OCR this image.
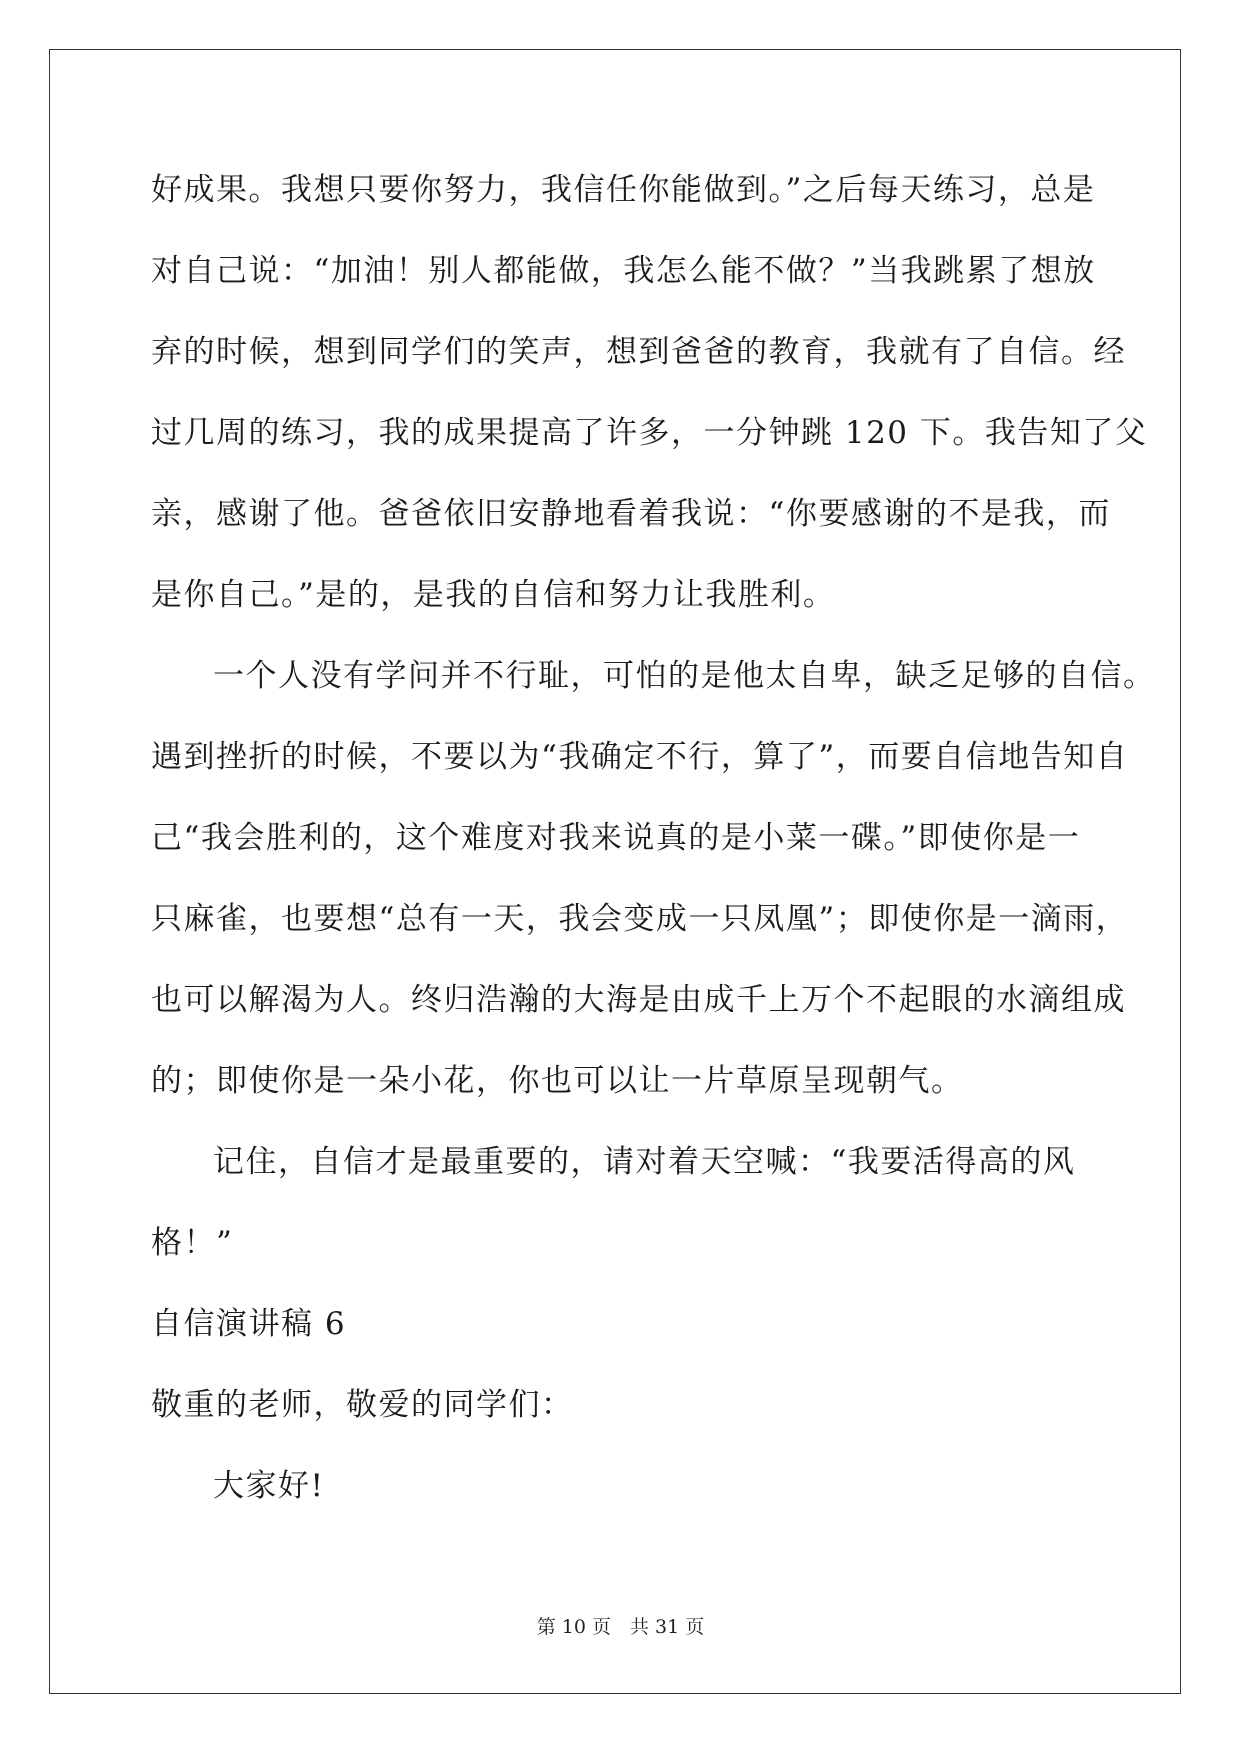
好成果。我想只要你努力，我信任你能做到。”之后每天练习，总是
对自己说：“加油！别人都能做，我怎么能不做？”当我跳累了想放
弃的时候，想到同学们的笑声，想到爸爸的教育，我就有了自信。经
过几周的练习，我的成果提高了许多，一分钟跳 120 下。我告知了父
亲，感谢了他。爸爸依旧安静地看着我说：“你要感谢的不是我，而
是你自己。”是的，是我的自信和努力让我胜利。
一个人没有学问并不行耻，可怕的是他太自卑，缺乏足够的自信。
遇到挫折的时候，不要以为“我确定不行，算了”，而要自信地告知自
己“我会胜利的，这个难度对我来说真的是小菜一碟。”即使你是一
只麻雀，也要想“总有一天，我会变成一只凤凰”；即使你是一滴雨，
也可以解渴为人。终归浩瀚的大海是由成千上万个不起眼的水滴组成
的；即使你是一朵小花，你也可以让一片草原呈现朝气。
记住，自信才是最重要的，请对着天空喊：“我要活得高的风
格！”
自信演讲稿 6
敬重的老师，敬爱的同学们：
大家好!
第 10 页　共 31 页
